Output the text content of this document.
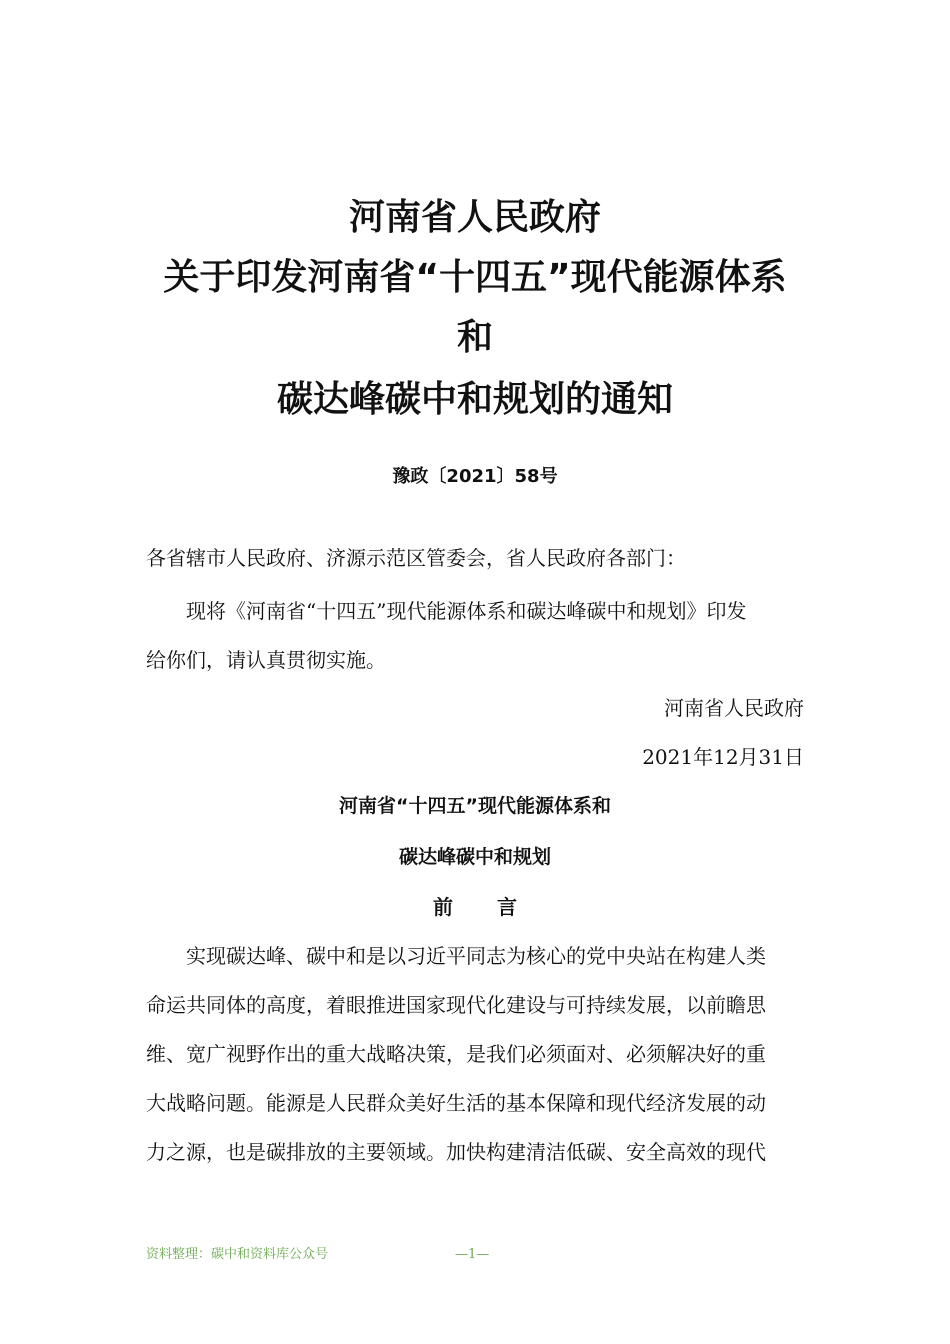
河南省人民政府
关于印发河南省“十四五”现代能源体系
和
碳达峰碳中和规划的通知
豫政〔2021〕58号
各省辖市人民政府、济源示范区管委会，省人民政府各部门：
现将《河南省“十四五”现代能源体系和碳达峰碳中和规划》印发
给你们，请认真贯彻实施。
河南省人民政府
2021年12月31日
河南省“十四五”现代能源体系和
碳达峰碳中和规划
前 言
实现碳达峰、碳中和是以习近平同志为核心的党中央站在构建人类
命运共同体的高度，着眼推进国家现代化建设与可持续发展，以前瞻思
维、宽广视野作出的重大战略决策，是我们必须面对、必须解决好的重
大战略问题。能源是人民群众美好生活的基本保障和现代经济发展的动
力之源，也是碳排放的主要领域。加快构建清洁低碳、安全高效的现代
资料整理：碳中和资料库公众号	—1—
